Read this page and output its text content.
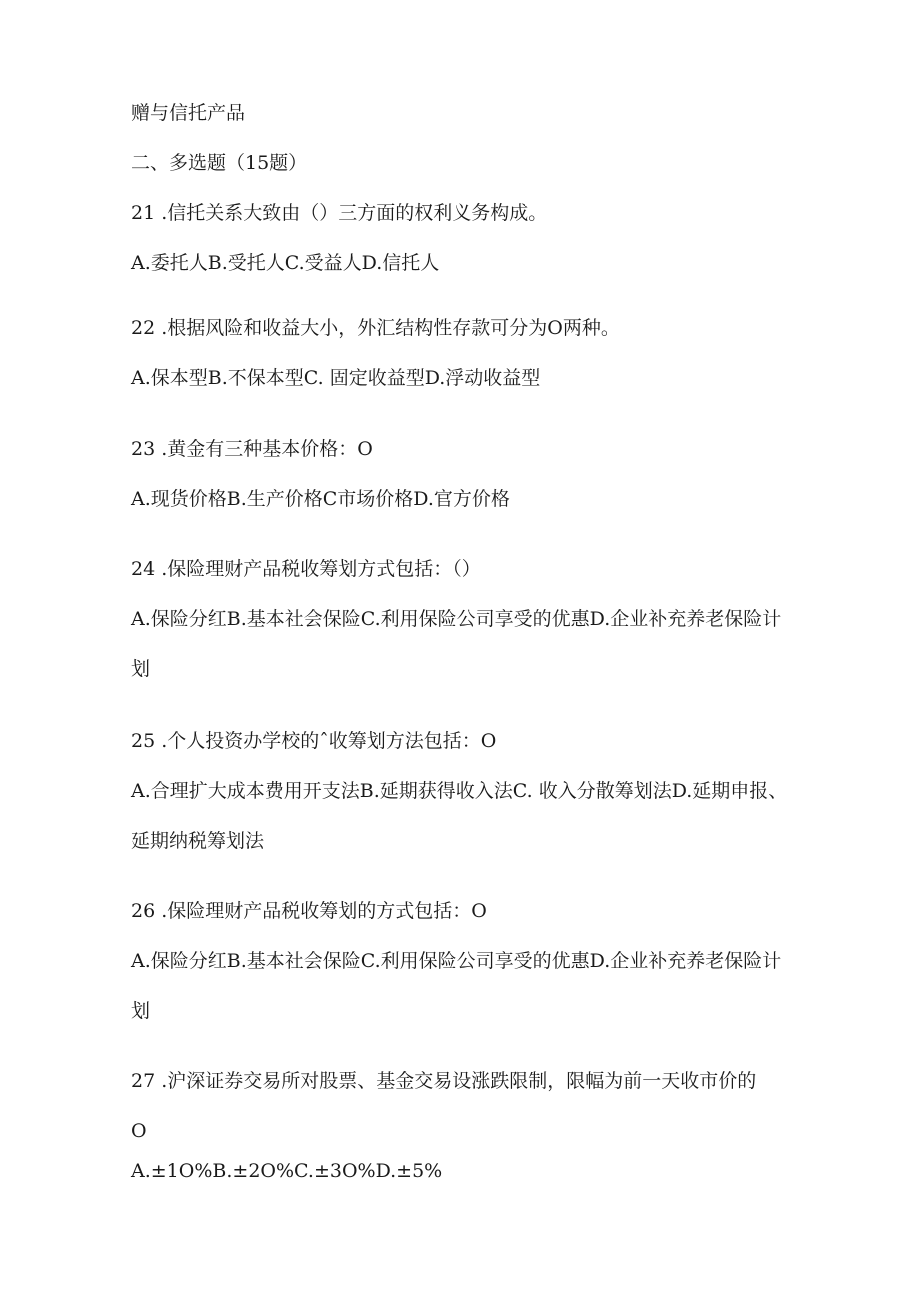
赠与信托产品

二、多选题（15题）

21 .信托关系大致由（）三方面的权利义务构成。

A.委托人B.受托人C.受益人D.信托人

22 .根据风险和收益大小，外汇结构性存款可分为O两种。

A.保本型B.不保本型C. 固定收益型D.浮动收益型

23 .黄金有三种基本价格：O

A.现货价格B.生产价格C市场价格D.官方价格

24 .保险理财产品税收筹划方式包括：（）

A.保险分红B.基本社会保险C.利用保险公司享受的优惠D.企业补充养老保险计

划

25 .个人投资办学校的ˆ收筹划方法包括：O

A.合理扩大成本费用开支法B.延期获得收入法C. 收入分散筹划法D.延期申报、

延期纳税筹划法

26 .保险理财产品税收筹划的方式包括：O

A.保险分红B.基本社会保险C.利用保险公司享受的优惠D.企业补充养老保险计

划

27 .沪深证券交易所对股票、基金交易设涨跌限制，限幅为前一天收市价的

O

A.±1O%B.±2O%C.±3O%D.±5%
